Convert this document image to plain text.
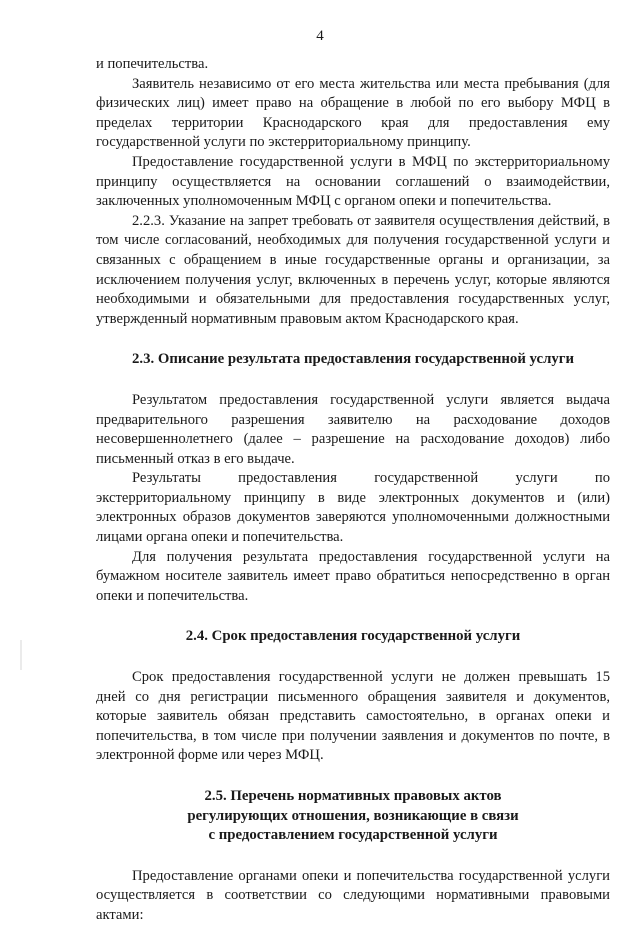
4

и попечительства.

Заявитель независимо от его места жительства или места пребывания (для физических лиц) имеет право на обращение в любой по его выбору МФЦ в пределах территории Краснодарского края для предоставления ему государственной услуги по экстерриториальному принципу.

Предоставление государственной услуги в МФЦ по экстерриториальному принципу осуществляется на основании соглашений о взаимодействии, заключенных уполномоченным МФЦ с органом опеки и попечительства.

2.2.3. Указание на запрет требовать от заявителя осуществления действий, в том числе согласований, необходимых для получения государственной услуги и связанных с обращением в иные государственные органы и организации, за исключением получения услуг, включенных в перечень услуг, которые являются необходимыми и обязательными для предоставления государственных услуг, утвержденный нормативным правовым актом Краснодарского края.

2.3. Описание результата предоставления государственной услуги

Результатом предоставления государственной услуги является выдача предварительного разрешения заявителю на расходование доходов несовершеннолетнего (далее – разрешение на расходование доходов) либо письменный отказ в его выдаче.

Результаты предоставления государственной услуги по экстерриториальному принципу в виде электронных документов и (или) электронных образов документов заверяются уполномоченными должностными лицами органа опеки и попечительства.

Для получения результата предоставления государственной услуги на бумажном носителе заявитель имеет право обратиться непосредственно в орган опеки и попечительства.

2.4. Срок предоставления государственной услуги

Срок предоставления государственной услуги не должен превышать 15 дней со дня регистрации письменного обращения заявителя и документов, которые заявитель обязан представить самостоятельно, в органах опеки и попечительства, в том числе при получении заявления и документов по почте, в электронной форме или через МФЦ.

2.5. Перечень нормативных правовых актов

регулирующих отношения, возникающие в связи

с предоставлением государственной услуги

Предоставление органами опеки и попечительства государственной услуги осуществляется в соответствии со следующими нормативными правовыми актами:
